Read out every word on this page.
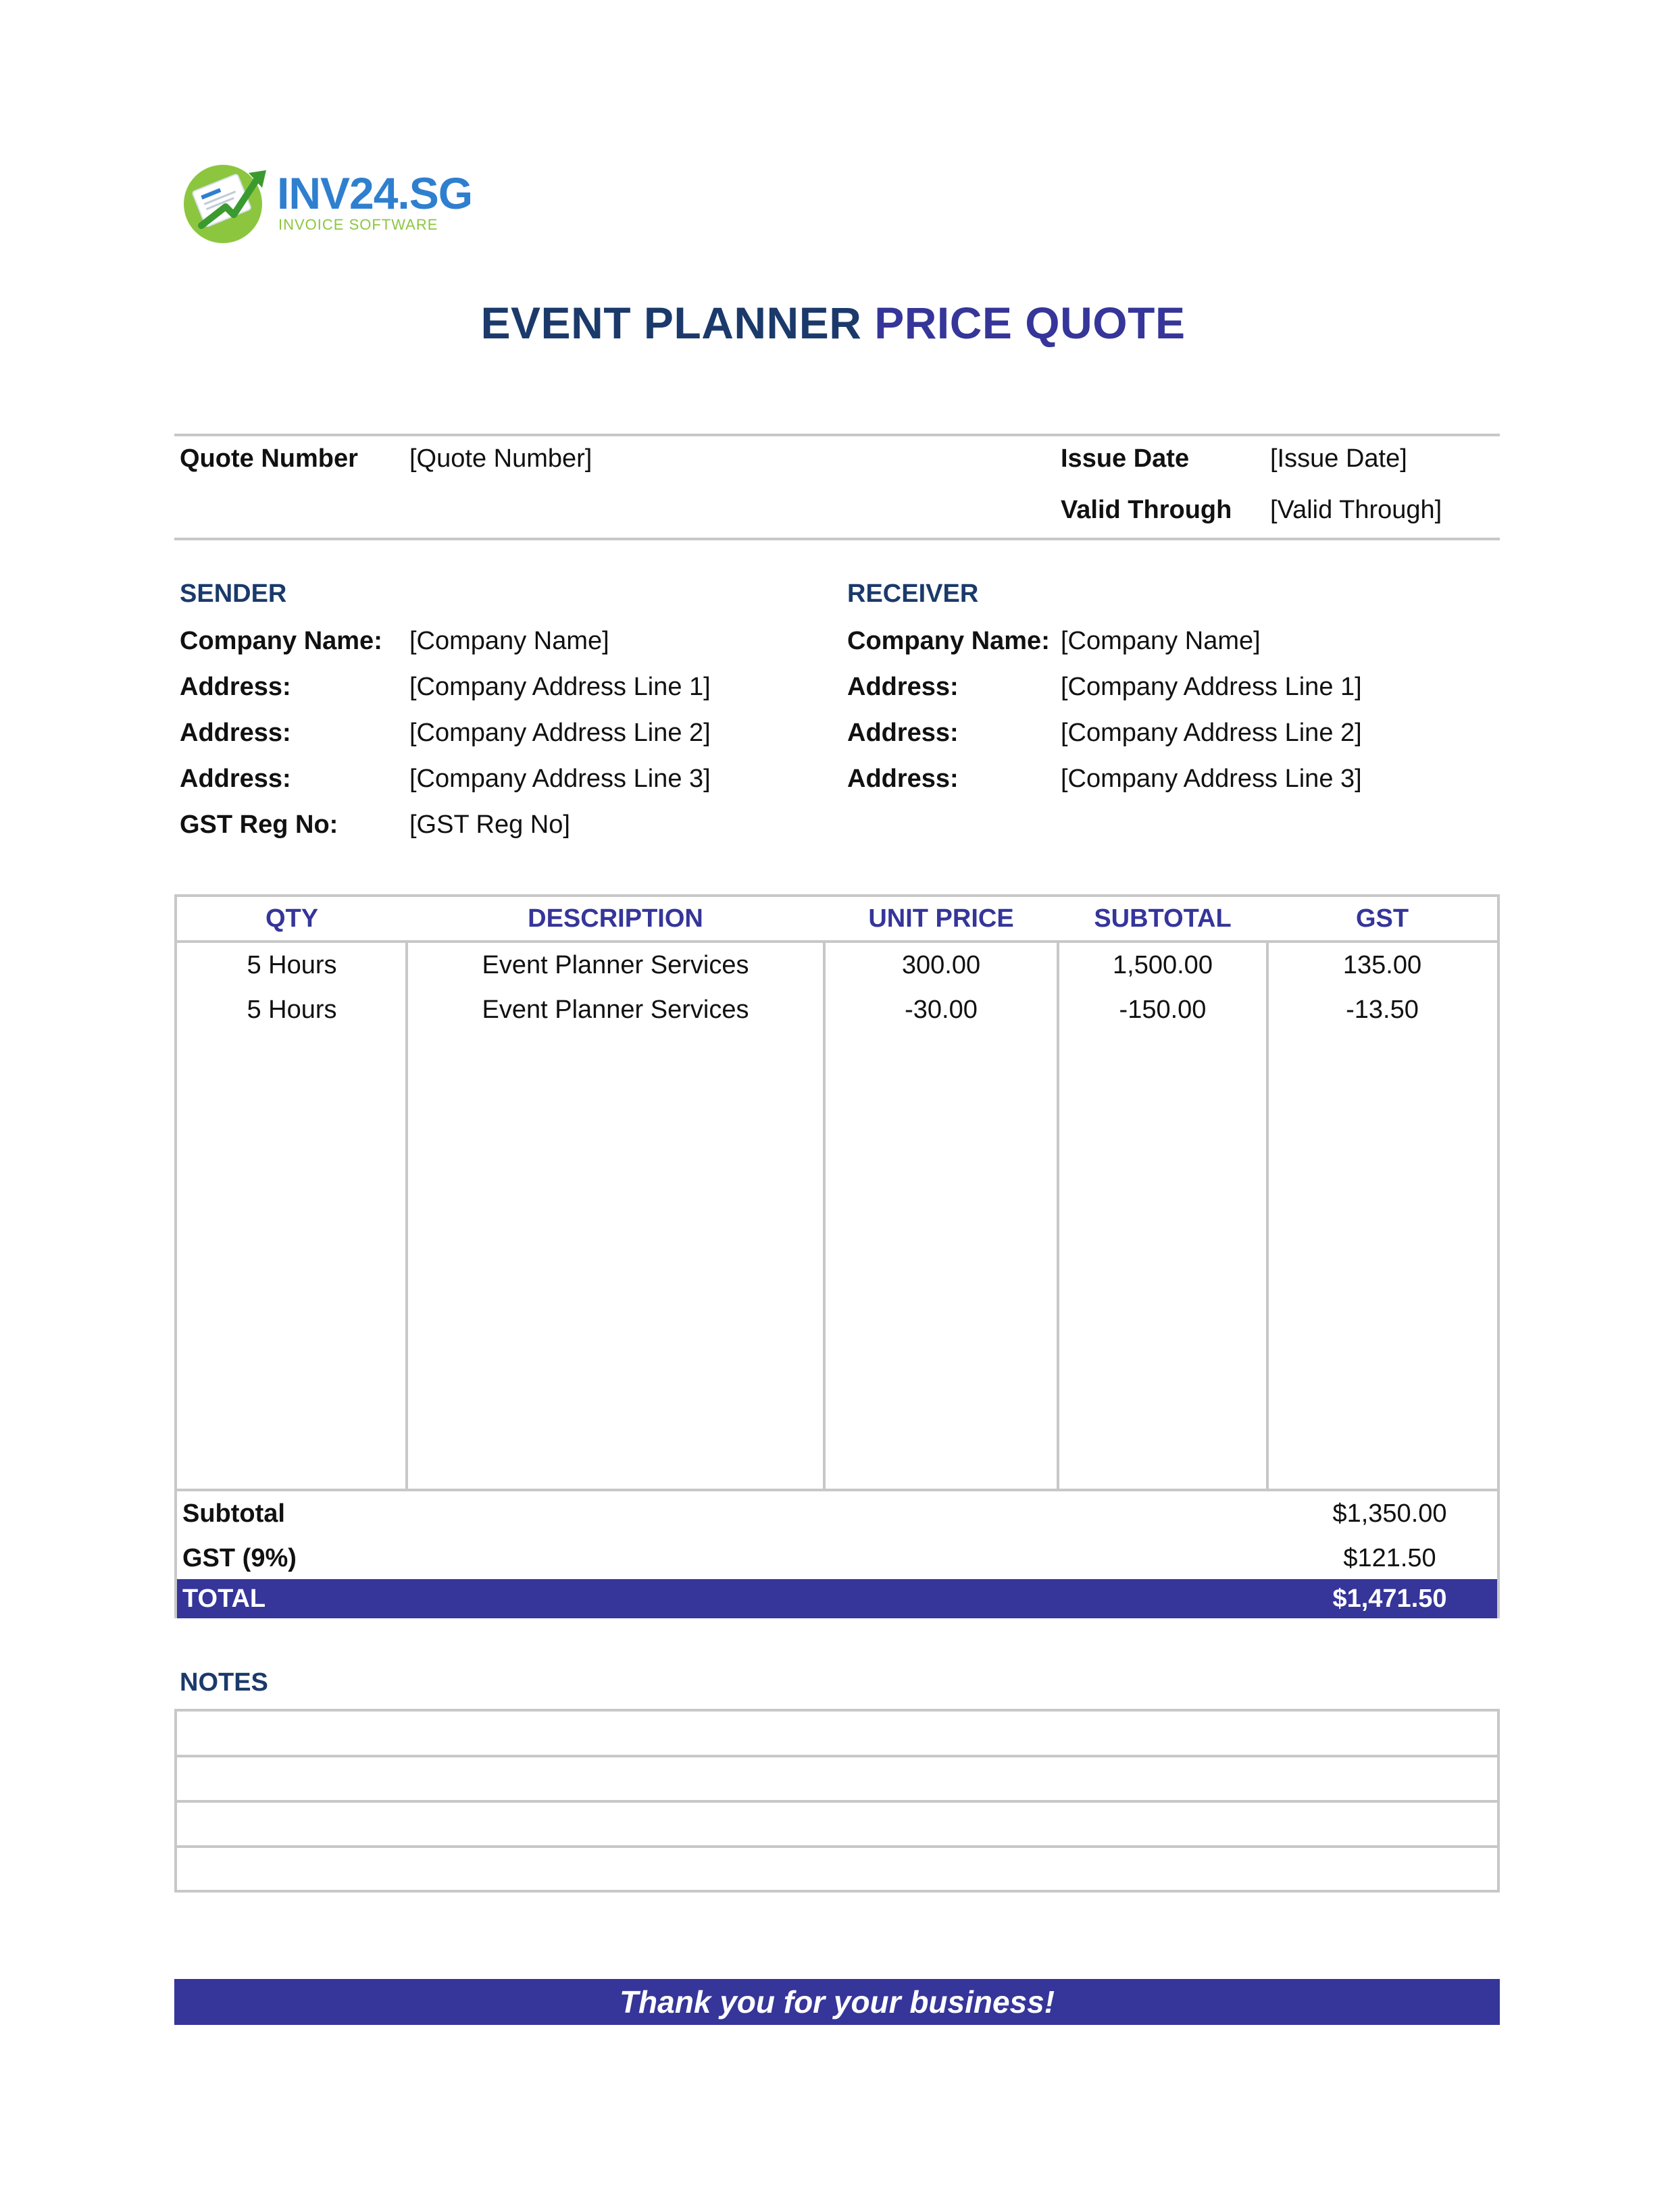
INV24.SG

INVOICE SOFTWARE
EVENT PLANNER PRICE QUOTE
Quote Number [Quote Number]	Issue Date	[Issue Date]
Valid Through [Valid Through]
SENDER
Company Name: [Company Name]
Address:	[Company Address Line 1]
Address:	[Company Address Line 2]
Address:	[Company Address Line 3]
GST Reg No:	[GST Reg No]
RECEIVER
Company Name: [Company Name]
Address:	[Company Address Line 1]
Address:	[Company Address Line 2]
Address:	[Company Address Line 3]
QTY	DESCRIPTION	UNIT PRICE	SUBTOTAL	GST
5 Hours	Event Planner Services	300.00	1,500.00	135.00
5 Hours	Event Planner Services	-30.00	-150.00	-13.50
Subtotal	$1,350.00
GST (9%)	$121.50
TOTAL	$1,471.50
NOTES
Thank you for your business!
